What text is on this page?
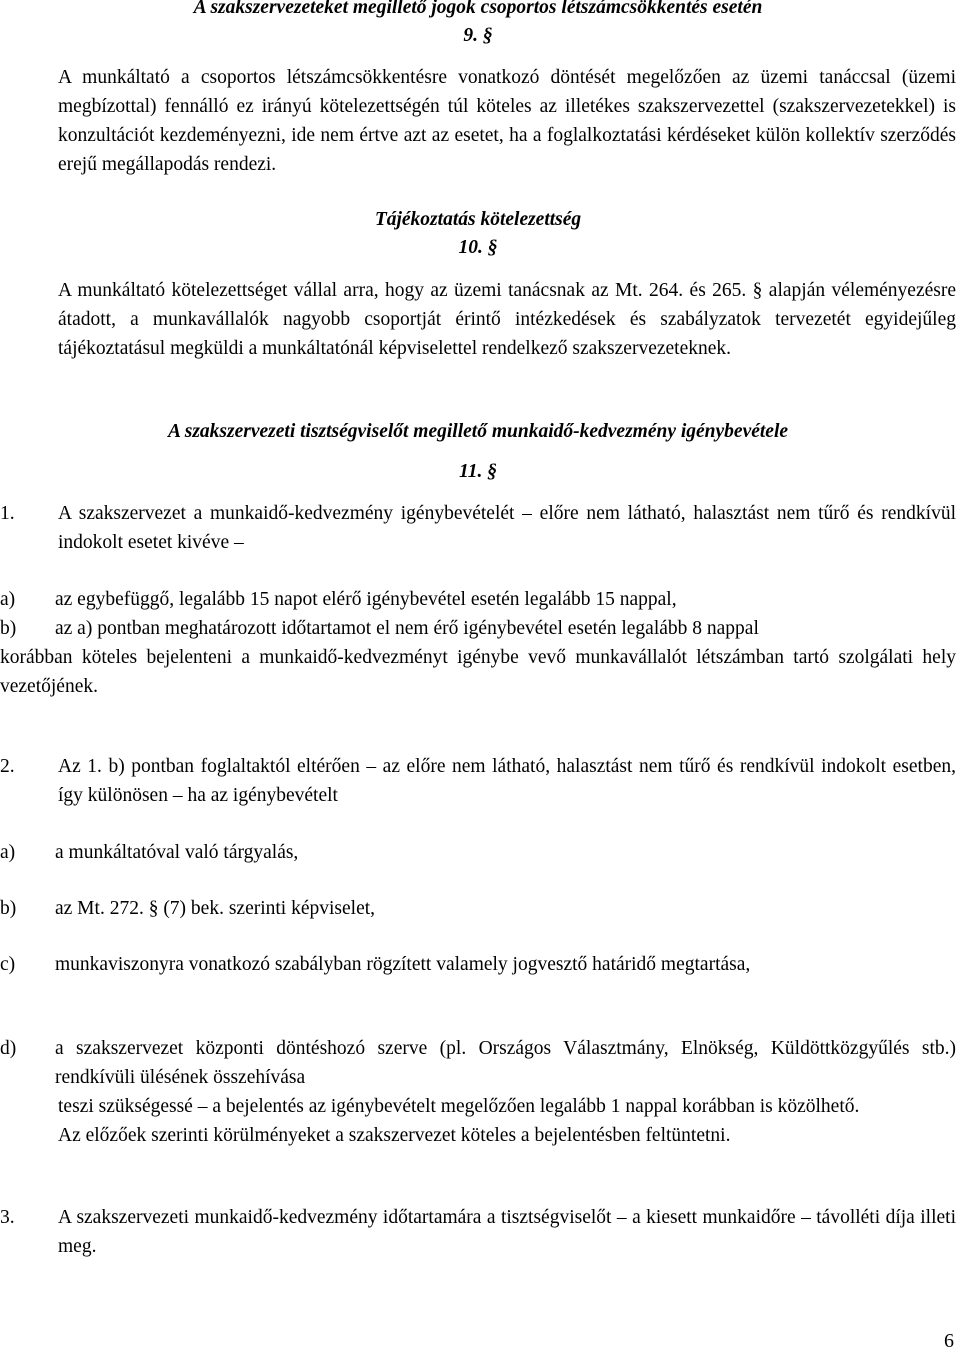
A szakszervezeteket megillető jogok csoportos létszámcsökkentés esetén

9. §

A munkáltató a csoportos létszámcsökkentésre vonatkozó döntését megelőzően az üzemi tanáccsal (üzemi megbízottal) fennálló ez irányú kötelezettségén túl köteles az illetékes szakszervezettel (szakszervezetekkel) is konzultációt kezdeményezni, ide nem értve azt az esetet, ha a foglalkoztatási kérdéseket külön kollektív szerződés erejű megállapodás rendezi.

Tájékoztatás kötelezettség

10. §

A munkáltató kötelezettséget vállal arra, hogy az üzemi tanácsnak az Mt. 264. és 265. § alapján véleményezésre átadott, a munkavállalók nagyobb csoportját érintő intézkedések és szabályzatok tervezetét egyidejűleg tájékoztatásul megküldi a munkáltatónál képviselettel rendelkező szakszervezeteknek.

A szakszervezeti tisztségviselőt megillető munkaidő-kedvezmény igénybevétele

11. §

1. A szakszervezet a munkaidő-kedvezmény igénybevételét – előre nem látható, halasztást nem tűrő és rendkívül indokolt esetet kivéve –

a) az egybefüggő, legalább 15 napot elérő igénybevétel esetén legalább 15 nappal,
b) az a) pontban meghatározott időtartamot el nem érő igénybevétel esetén legalább 8 nappal

korábban köteles bejelenteni a munkaidő-kedvezményt igénybe vevő munkavállalót létszámban tartó szolgálati hely vezetőjének.

2. Az 1. b) pontban foglaltaktól eltérően – az előre nem látható, halasztást nem tűrő és rendkívül indokolt esetben, így különösen – ha az igénybevételt

a) a munkáltatóval való tárgyalás,
b) az Mt. 272. § (7) bek. szerinti képviselet,
c) munkaviszonyra vonatkozó szabályban rögzített valamely jogvesztő határidő megtartása,
d) a szakszervezet központi döntéshozó szerve (pl. Országos Választmány, Elnökség, Küldöttközgyűlés stb.) rendkívüli ülésének összehívása

teszi szükségessé – a bejelentés az igénybevételt megelőzően legalább 1 nappal korábban is közölhető.

Az előzőek szerinti körülményeket a szakszervezet köteles a bejelentésben feltüntetni.

3. A szakszervezeti munkaidő-kedvezmény időtartamára a tisztségviselőt – a kiesett munkaidőre – távolléti díja illeti meg.

6
